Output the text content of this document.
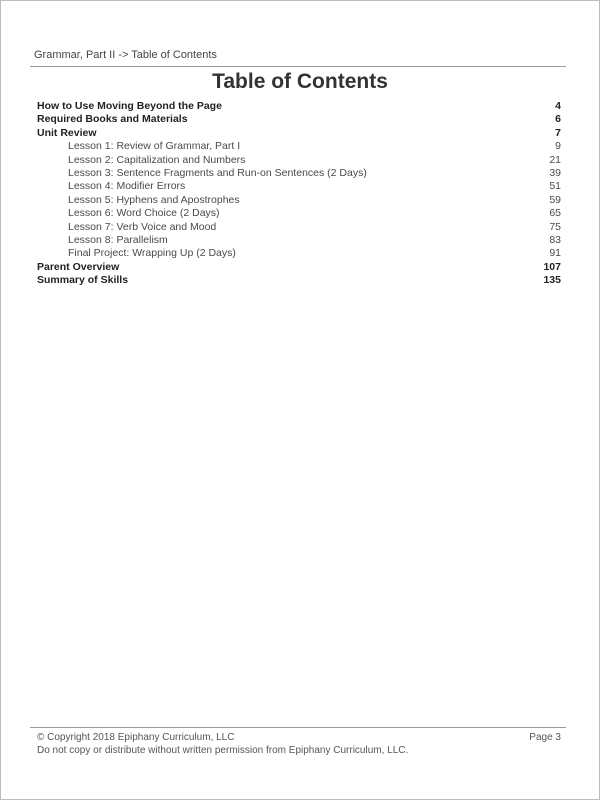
Grammar, Part II -> Table of Contents
Table of Contents
How to Use Moving Beyond the Page	4
Required Books and Materials	6
Unit Review	7
Lesson 1: Review of Grammar, Part I	9
Lesson 2: Capitalization and Numbers	21
Lesson 3: Sentence Fragments and Run-on Sentences (2 Days)	39
Lesson 4: Modifier Errors	51
Lesson 5: Hyphens and Apostrophes	59
Lesson 6: Word Choice (2 Days)	65
Lesson 7: Verb Voice and Mood	75
Lesson 8: Parallelism	83
Final Project: Wrapping Up (2 Days)	91
Parent Overview	107
Summary of Skills	135
© Copyright 2018 Epiphany Curriculum, LLC	Page 3
Do not copy or distribute without written permission from Epiphany Curriculum, LLC.
